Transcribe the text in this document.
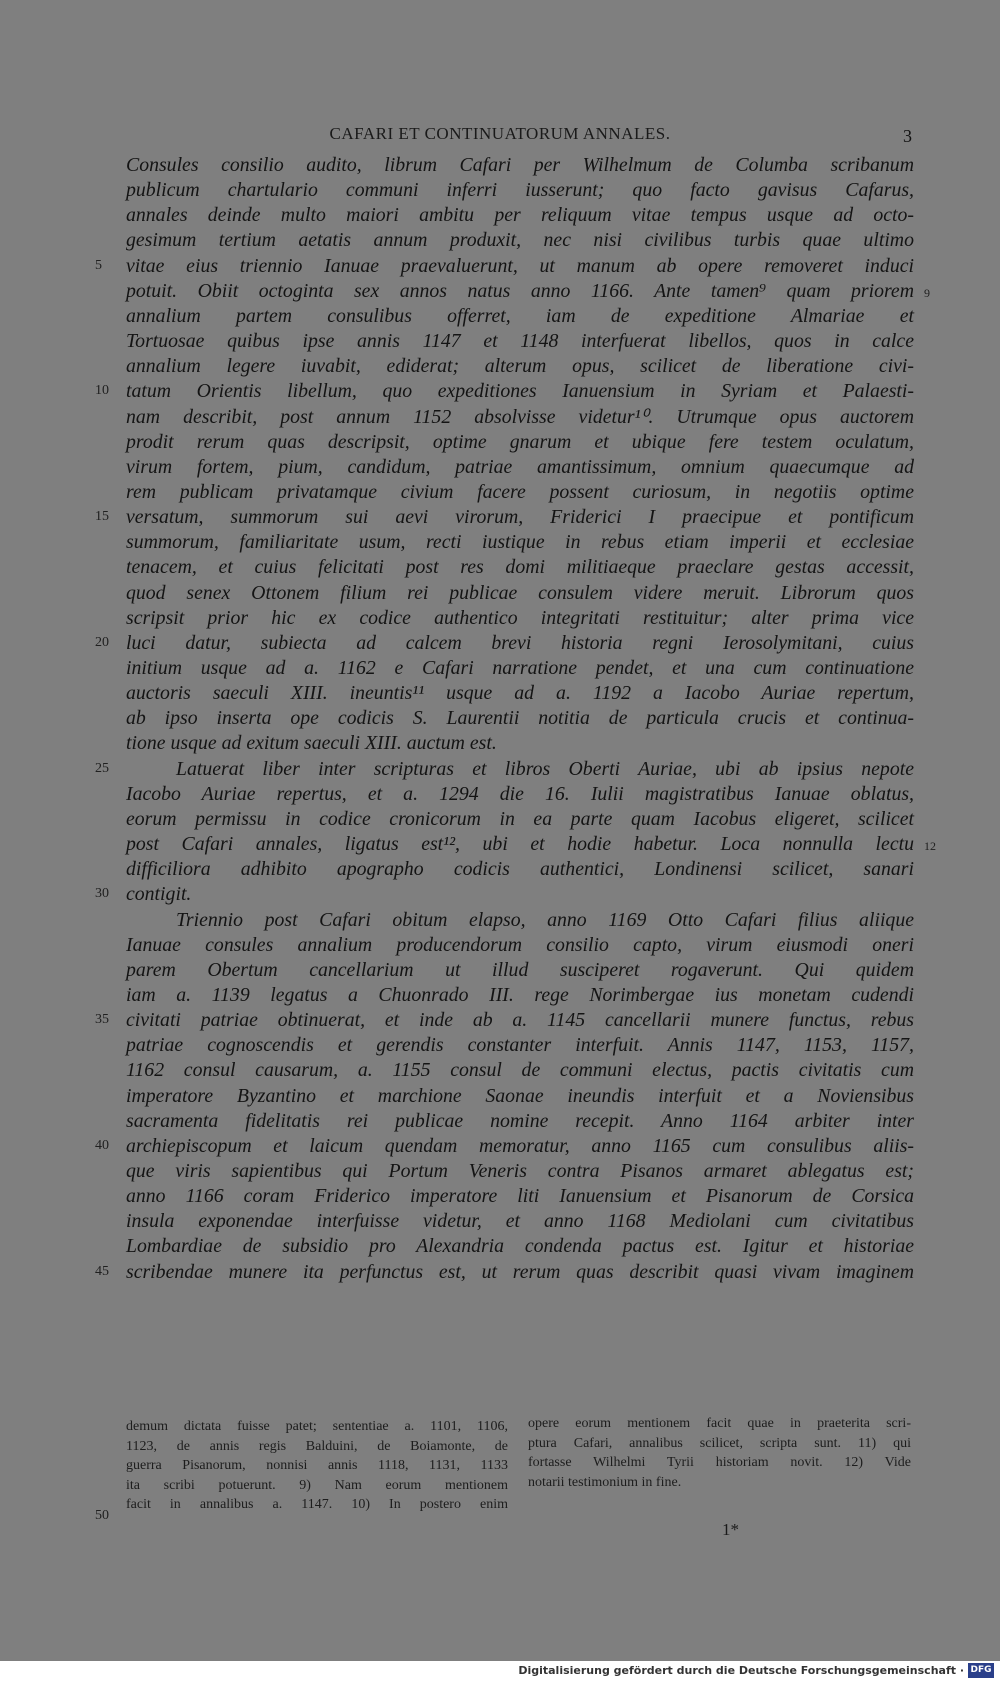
CAFARI ET CONTINUATORUM ANNALES.	3
Consules consilio audito, librum Cafari per Wilhelmum de Columba scribanum
publicum chartulario communi inferri iusserunt; quo facto gavisus Cafarus,
annales deinde multo maiori ambitu per reliquum vitae tempus usque ad octo-
gesimum tertium aetatis annum produxit, nec nisi civilibus turbis quae ultimo
vitae eius triennio Ianuae praevaluerunt, ut manum ab opere removeret induci
potuit. Obiit octoginta sex annos natus anno 1166. Ante tamen⁹ quam priorem
annalium partem consulibus offerret, iam de expeditione Almariae et
Tortuosae quibus ipse annis 1147 et 1148 interfuerat libellos, quos in calce
annalium legere iuvabit, ediderat; alterum opus, scilicet de liberatione civi-
tatum Orientis libellum, quo expeditiones Ianuensium in Syriam et Palaesti-
nam describit, post annum 1152 absolvisse videtur¹⁰. Utrumque opus auctorem
prodit rerum quas descripsit, optime gnarum et ubique fere testem oculatum,
virum fortem, pium, candidum, patriae amantissimum, omnium quaecumque ad
rem publicam privatamque civium facere possent curiosum, in negotiis optime
versatum, summorum sui aevi virorum, Friderici I praecipue et pontificum
summorum, familiaritate usum, recti iustique in rebus etiam imperii et ecclesiae
tenacem, et cuius felicitati post res domi militiaeque praeclare gestas accessit,
quod senex Ottonem filium rei publicae consulem videre meruit. Librorum quos
scripsit prior hic ex codice authentico integritati restituitur; alter prima vice
luci datur, subiecta ad calcem brevi historia regni Ierosolymitani, cuius
initium usque ad a. 1162 e Cafari narratione pendet, et una cum continuatione
auctoris saeculi XIII. ineuntis¹¹ usque ad a. 1192 a Iacobo Auriae repertum,
ab ipso inserta ope codicis S. Laurentii notitia de particula crucis et continua-
tione usque ad exitum saeculi XIII. auctum est.
Latuerat liber inter scripturas et libros Oberti Auriae, ubi ab ipsius nepote
Iacobo Auriae repertus, et a. 1294 die 16. Iulii magistratibus Ianuae oblatus,
eorum permissu in codice cronicorum in ea parte quam Iacobus eligeret, scilicet
post Cafari annales, ligatus est¹², ubi et hodie habetur. Loca nonnulla lectu
difficiliora adhibito apographo codicis authentici, Londinensi scilicet, sanari
contigit.
Triennio post Cafari obitum elapso, anno 1169 Otto Cafari filius aliique
Ianuae consules annalium producendorum consilio capto, virum eiusmodi oneri
parem Obertum cancellarium ut illud susciperet rogaverunt. Qui quidem
iam a. 1139 legatus a Chuonrado III. rege Norimbergae ius monetam cudendi
civitati patriae obtinuerat, et inde ab a. 1145 cancellarii munere functus, rebus
patriae cognoscendis et gerendis constanter interfuit. Annis 1147, 1153, 1157,
1162 consul causarum, a. 1155 consul de communi electus, pactis civitatis cum
imperatore Byzantino et marchione Saonae ineundis interfuit et a Noviensibus
sacramenta fidelitatis rei publicae nomine recepit. Anno 1164 arbiter inter
archiepiscopum et laicum quendam memoratur, anno 1165 cum consulibus aliis-
que viris sapientibus qui Portum Veneris contra Pisanos armaret ablegatus est;
anno 1166 coram Friderico imperatore liti Ianuensium et Pisanorum de Corsica
insula exponendae interfuisse videtur, et anno 1168 Mediolani cum civitatibus
Lombardiae de subsidio pro Alexandria condenda pactus est. Igitur et historiae
scribendae munere ita perfunctus est, ut rerum quas describit quasi vivam imaginem
5
10
15
20
25
30
35
40
45
9
12
demum dictata fuisse patet; sententiae a. 1101, 1106,
1123, de annis regis Balduini, de Boiamonte, de
guerra Pisanorum, nonnisi annis 1118, 1131, 1133
ita scribi potuerunt. 9) Nam eorum mentionem
facit in annalibus a. 1147. 10) In postero enim
opere eorum mentionem facit quae in praeterita scri-
ptura Cafari, annalibus scilicet, scripta sunt. 11) qui
fortasse Wilhelmi Tyrii historiam novit. 12) Vide
notarii testimonium in fine.
50
1*
Digitalisierung gefördert durch die Deutsche Forschungsgemeinschaft · DFG
